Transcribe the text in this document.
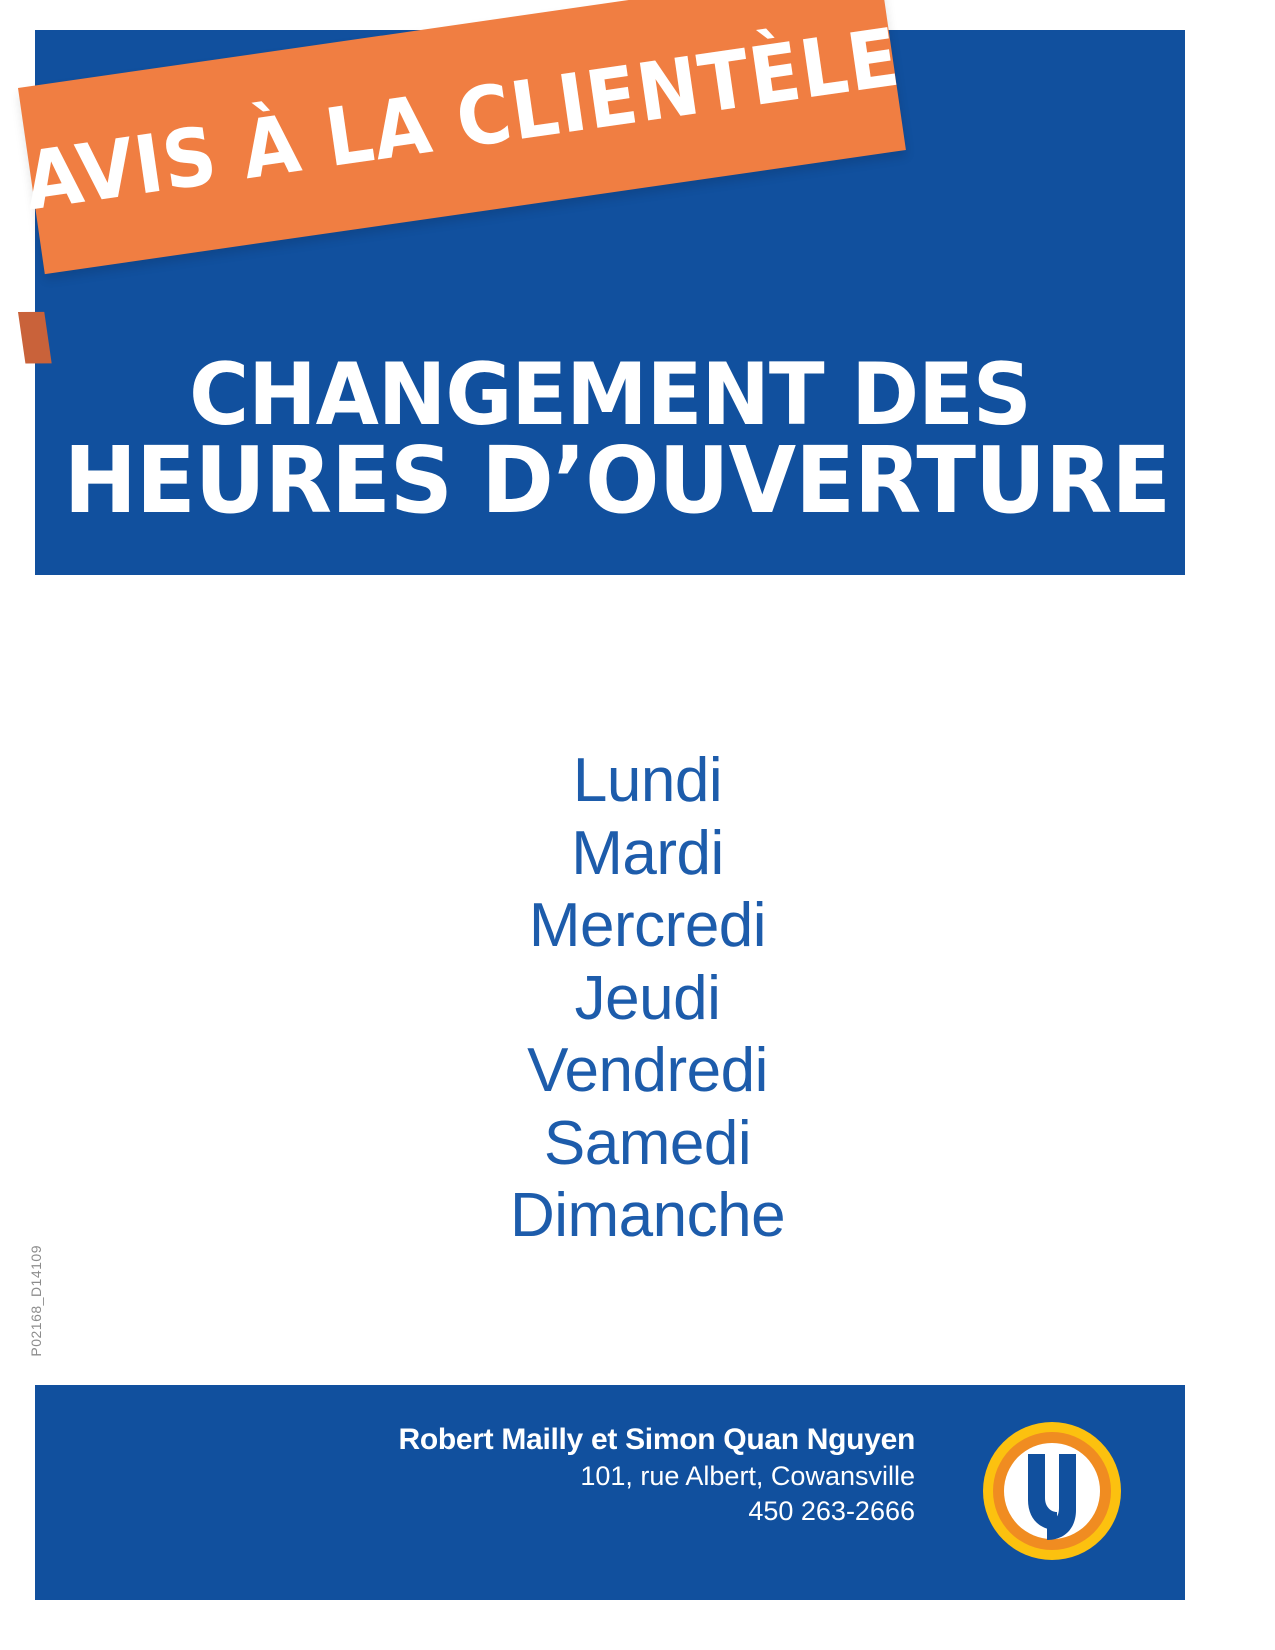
AVIS À LA CLIENTÈLE
CHANGEMENT DES
HEURES D’OUVERTURE
Lundi
Mardi
Mercredi
Jeudi
Vendredi
Samedi
Dimanche
P02168_D14109
Robert Mailly et Simon Quan Nguyen
101, rue Albert, Cowansville
450 263-2666
